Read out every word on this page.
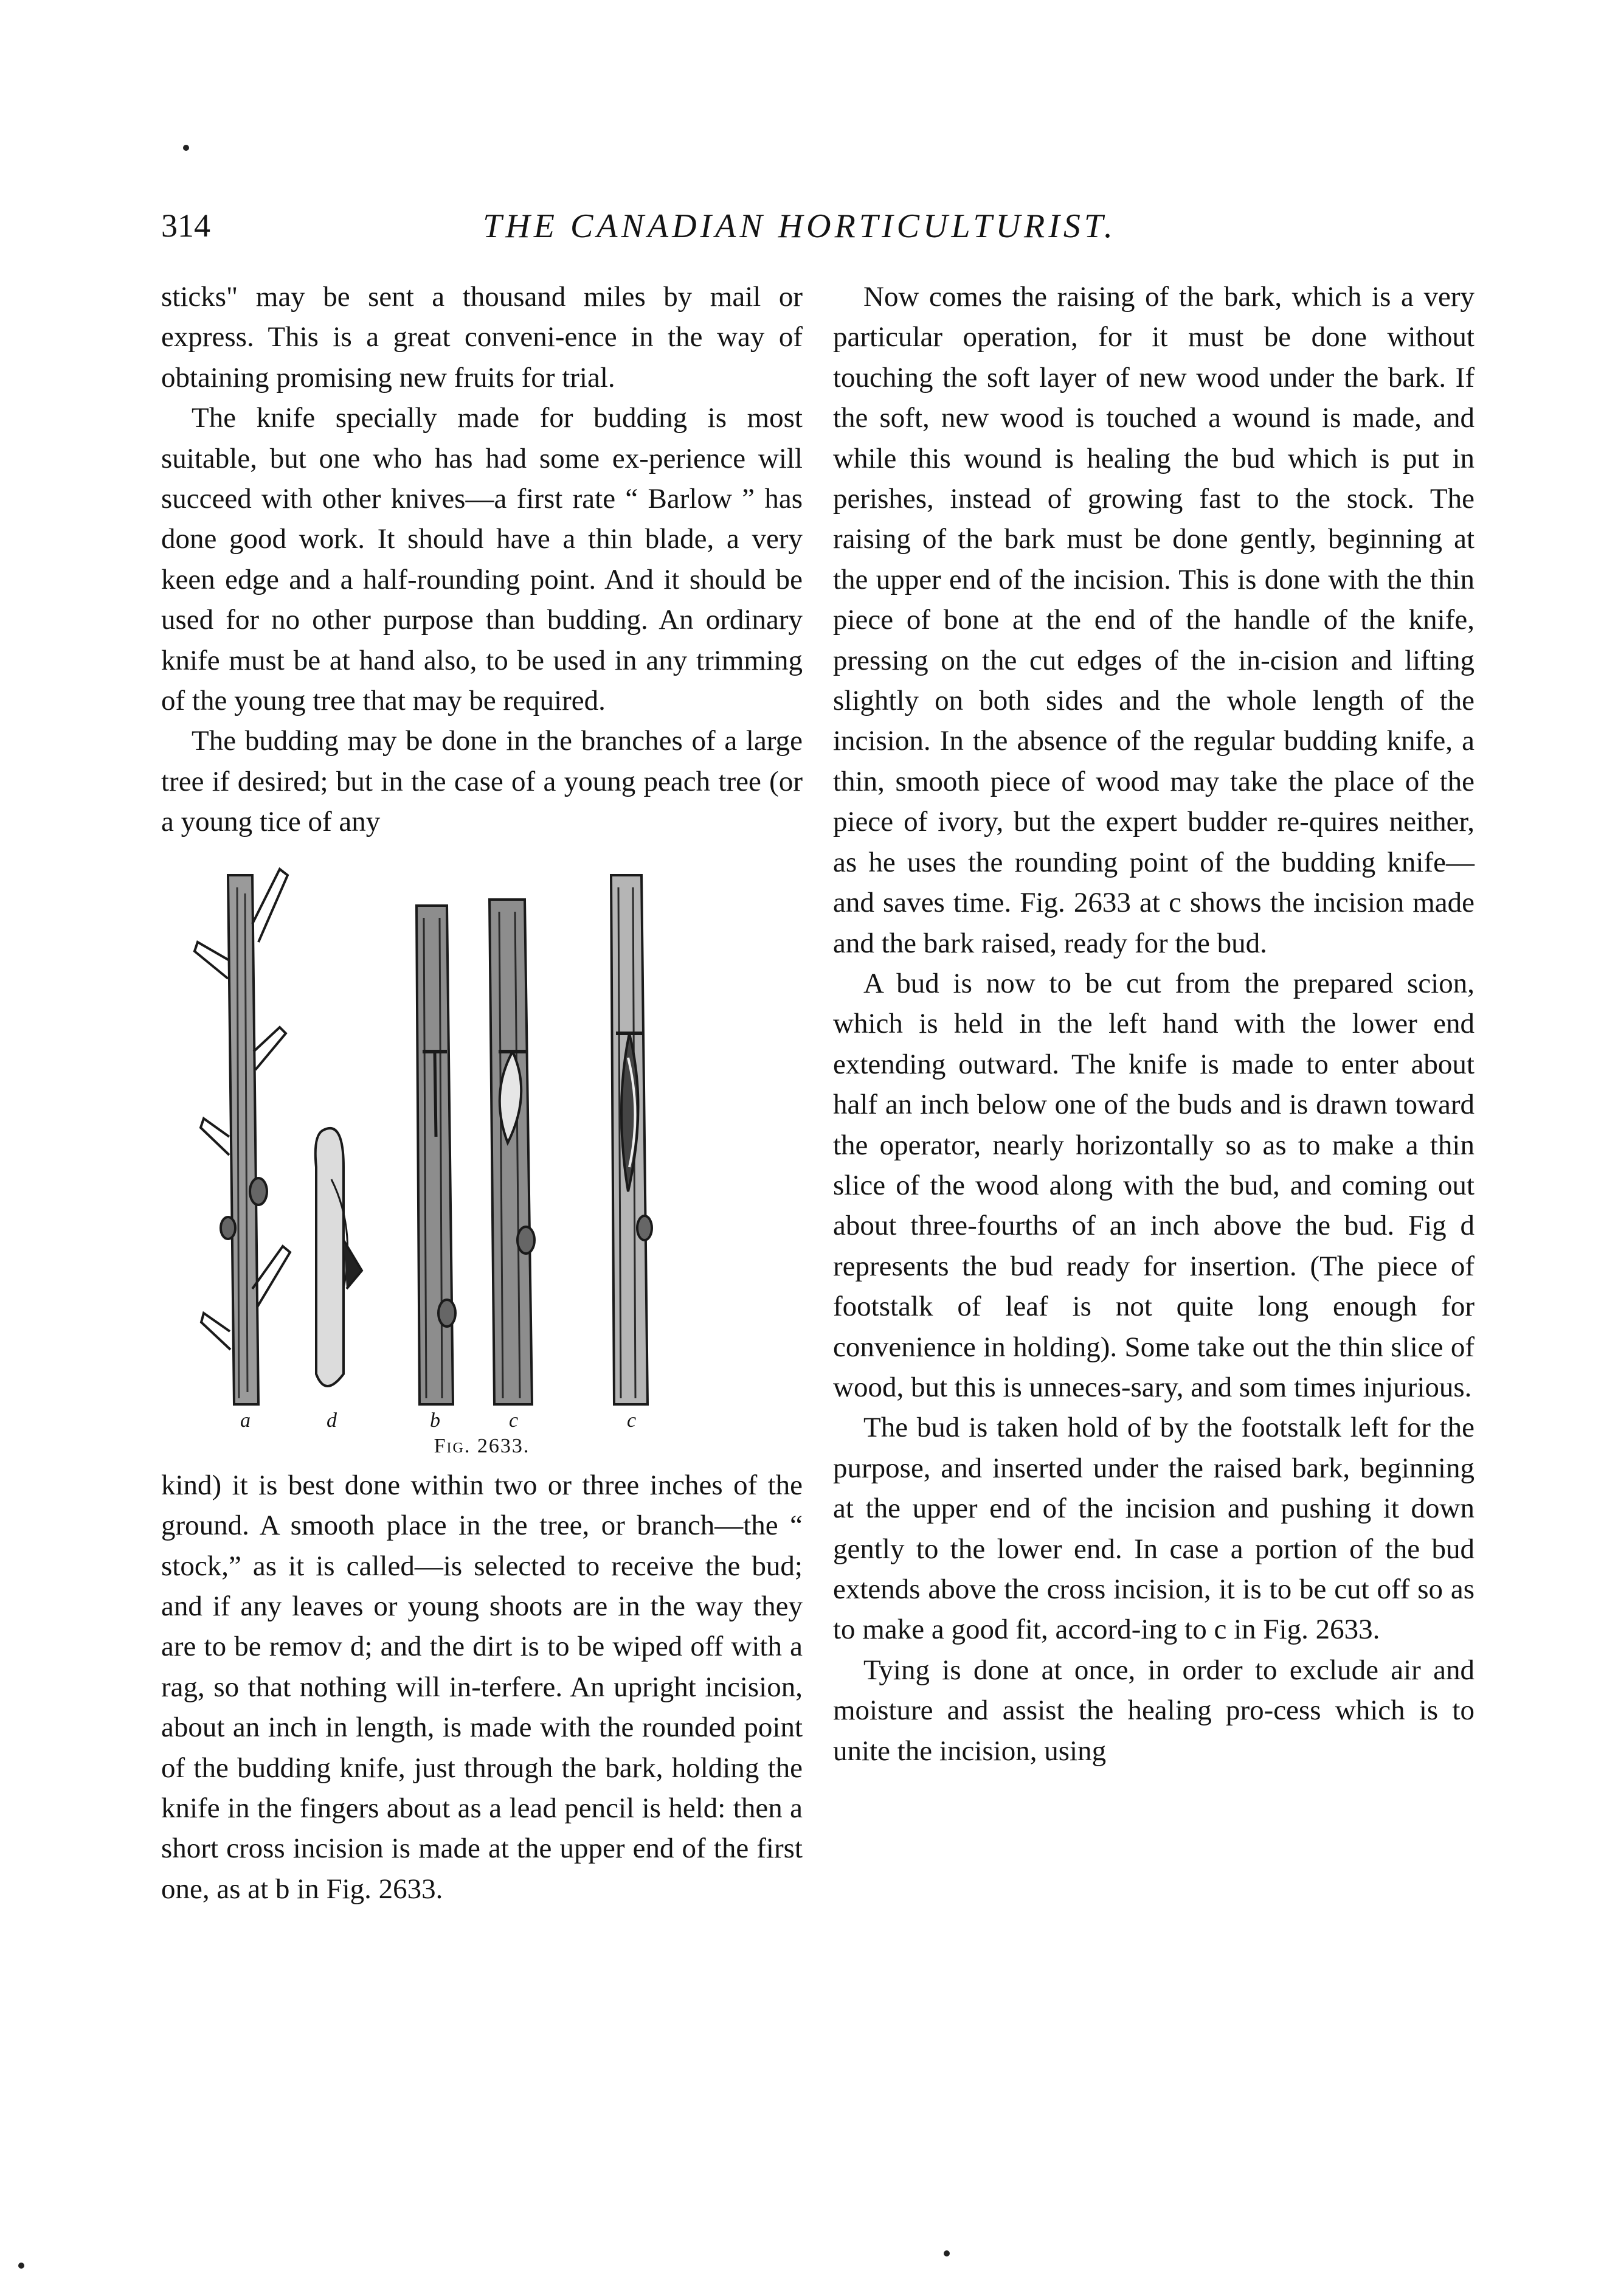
314	THE CANADIAN HORTICULTURIST.

sticks" may be sent a thousand miles by mail or express. This is a great conveni-ence in the way of obtaining promising new fruits for trial.

The knife specially made for budding is most suitable, but one who has had some ex-perience will succeed with other knives—a first rate “ Barlow ” has done good work. It should have a thin blade, a very keen edge and a half-rounding point. And it should be used for no other purpose than budding. An ordinary knife must be at hand also, to be used in any trimming of the young tree that may be required.

The budding may be done in the branches of a large tree if desired; but in the case of a young peach tree (or a young tice of any

a	d	b	c	c
Fig. 2633.

kind) it is best done within two or three inches of the ground. A smooth place in the tree, or branch—the “ stock,” as it is called—is selected to receive the bud; and if any leaves or young shoots are in the way they are to be remov d; and the dirt is to be wiped off with a rag, so that nothing will in-terfere. An upright incision, about an inch in length, is made with the rounded point of the budding knife, just through the bark, holding the knife in the fingers about as a lead pencil is held: then a short cross incision is made at the upper end of the first one, as at b in Fig. 2633.

Now comes the raising of the bark, which is a very particular operation, for it must be done without touching the soft layer of new wood under the bark. If the soft, new wood is touched a wound is made, and while this wound is healing the bud which is put in perishes, instead of growing fast to the stock. The raising of the bark must be done gently, beginning at the upper end of the incision. This is done with the thin piece of bone at the end of the handle of the knife, pressing on the cut edges of the in-cision and lifting slightly on both sides and the whole length of the incision. In the absence of the regular budding knife, a thin, smooth piece of wood may take the place of the piece of ivory, but the expert budder re-quires neither, as he uses the rounding point of the budding knife—and saves time. Fig. 2633 at c shows the incision made and the bark raised, ready for the bud.

A bud is now to be cut from the prepared scion, which is held in the left hand with the lower end extending outward. The knife is made to enter about half an inch below one of the buds and is drawn toward the operator, nearly horizontally so as to make a thin slice of the wood along with the bud, and coming out about three-fourths of an inch above the bud. Fig d represents the bud ready for insertion. (The piece of footstalk of leaf is not quite long enough for convenience in holding). Some take out the thin slice of wood, but this is unneces-sary, and som times injurious.

The bud is taken hold of by the footstalk left for the purpose, and inserted under the raised bark, beginning at the upper end of the incision and pushing it down gently to the lower end. In case a portion of the bud extends above the cross incision, it is to be cut off so as to make a good fit, accord-ing to c in Fig. 2633.

Tying is done at once, in order to exclude air and moisture and assist the healing pro-cess which is to unite the incision, using
